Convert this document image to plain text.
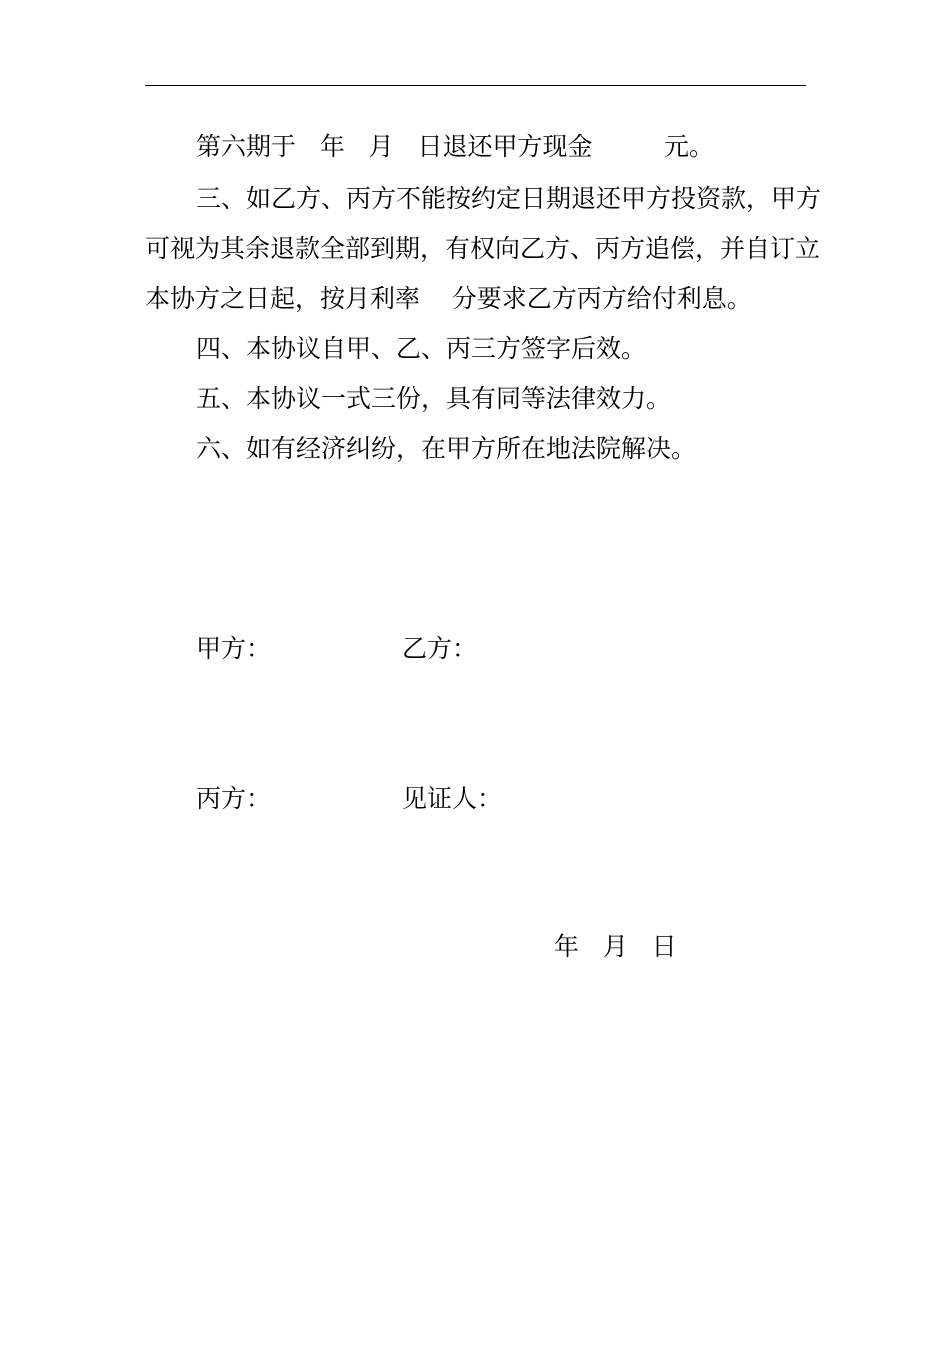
第六期于   年   月   日退还甲方现金         元。

三、如乙方、丙方不能按约定日期退还甲方投资款，甲方

可视为其余退款全部到期，有权向乙方、丙方追偿，并自订立

本协方之日起，按月利率    分要求乙方丙方给付利息。

四、本协议自甲、乙、丙三方签字后效。

五、本协议一式三份，具有同等法律效力。

六、如有经济纠纷，在甲方所在地法院解决。

甲方：	乙方：

丙方：	见证人：

年   月   日
